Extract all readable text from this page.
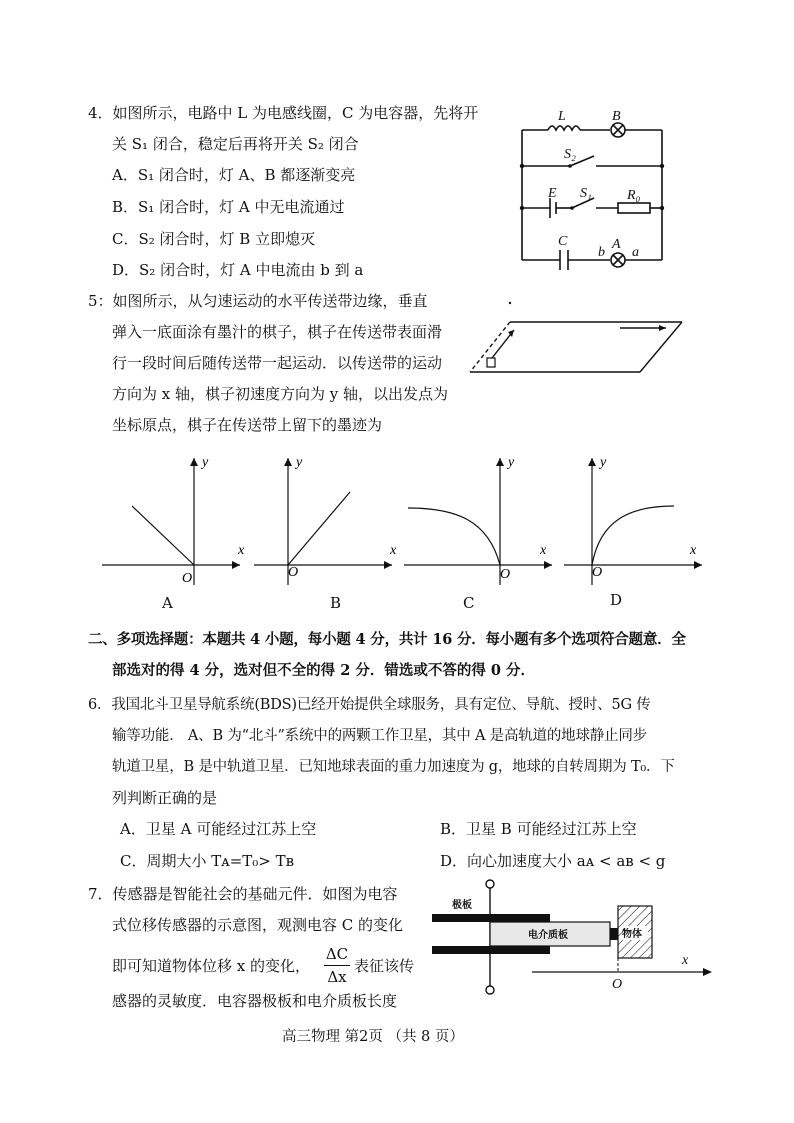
4．如图所示，电路中 L 为电感线圈，C 为电容器，先将开
关 S₁ 闭合，稳定后再将开关 S₂ 闭合
A．S₁ 闭合时，灯 A、B 都逐渐变亮
B．S₁ 闭合时，灯 A 中无电流通过
C．S₂ 闭合时，灯 B 立即熄灭
D．S₂ 闭合时，灯 A 中电流由 b 到 a
L	B
S₂
E S₁	R₀
C
b
A
a
5：如图所示，从匀速运动的水平传送带边缘，垂直
弹入一底面涂有墨汁的棋子，棋子在传送带表面滑
行一段时间后随传送带一起运动．以传送带的运动
方向为 x 轴，棋子初速度方向为 y 轴，以出发点为
坐标原点，棋子在传送带上留下的墨迹为
y
x
O
y
x
O
y
x
O
y
x
O
A	B	C	D
二、多项选择题：本题共 4 小题，每小题 4 分，共计 16 分．每小题有多个选项符合题意．全
部选对的得 4 分，选对但不全的得 2 分．错选或不答的得 0 分．
6．我国北斗卫星导航系统(BDS)已经开始提供全球服务，具有定位、导航、授时、5G 传
输等功能． A、B 为“北斗”系统中的两颗工作卫星，其中 A 是高轨道的地球静止同步
轨道卫星，B 是中轨道卫星．已知地球表面的重力加速度为 g，地球的自转周期为 T₀．下
列判断正确的是
A．卫星 A 可能经过江苏上空	B．卫星 B 可能经过江苏上空
C．周期大小 Tᴀ=T₀> Tʙ	D．向心加速度大小 aᴀ < aʙ < g
7．传感器是智能社会的基础元件．如图为电容
式位移传感器的示意图，观测电容 C 的变化
即可知道物体位移 x 的变化，
ΔC
Δx
表征该传
感器的灵敏度．电容器极板和电介质板长度
极板
电介质板	物体
x
O
高三物理 第2页 （共 8 页）
